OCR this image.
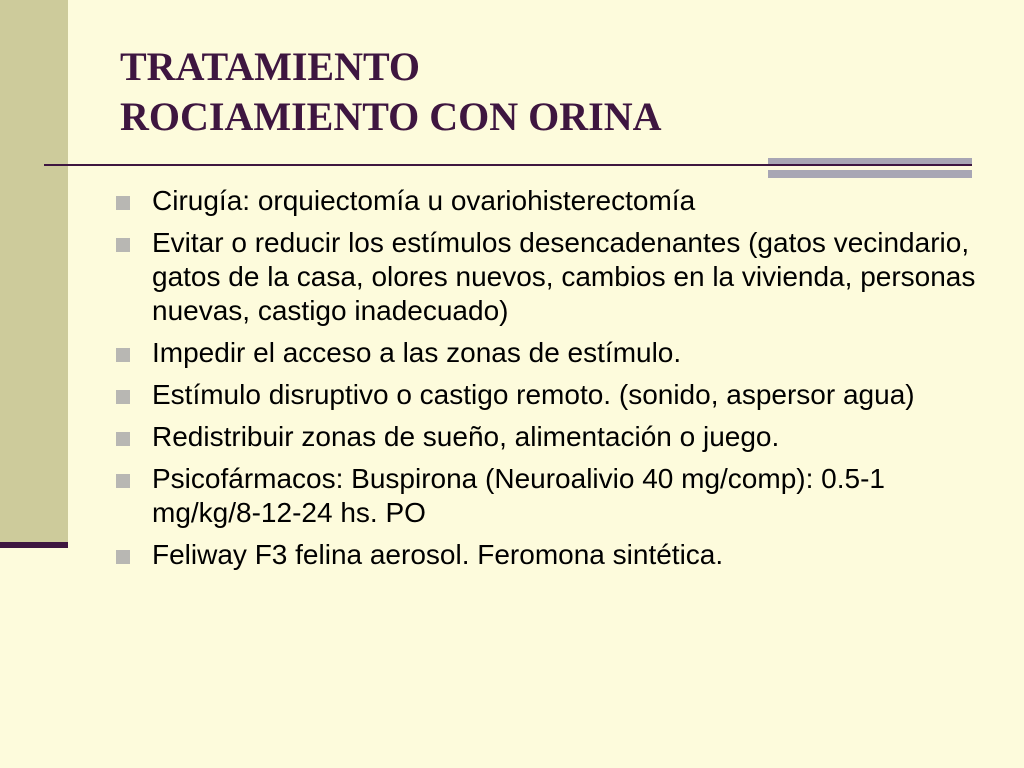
TRATAMIENTO
ROCIAMIENTO CON ORINA
Cirugía: orquiectomía u ovariohisterectomía
Evitar o reducir los estímulos desencadenantes (gatos vecindario, gatos de la casa, olores nuevos, cambios en la vivienda, personas nuevas, castigo inadecuado)
Impedir el acceso a las zonas de estímulo.
Estímulo disruptivo o castigo remoto. (sonido, aspersor agua)
Redistribuir zonas de sueño, alimentación o juego.
Psicofármacos: Buspirona (Neuroalivio 40 mg/comp): 0.5-1 mg/kg/8-12-24 hs. PO
Feliway F3 felina aerosol. Feromona sintética.
